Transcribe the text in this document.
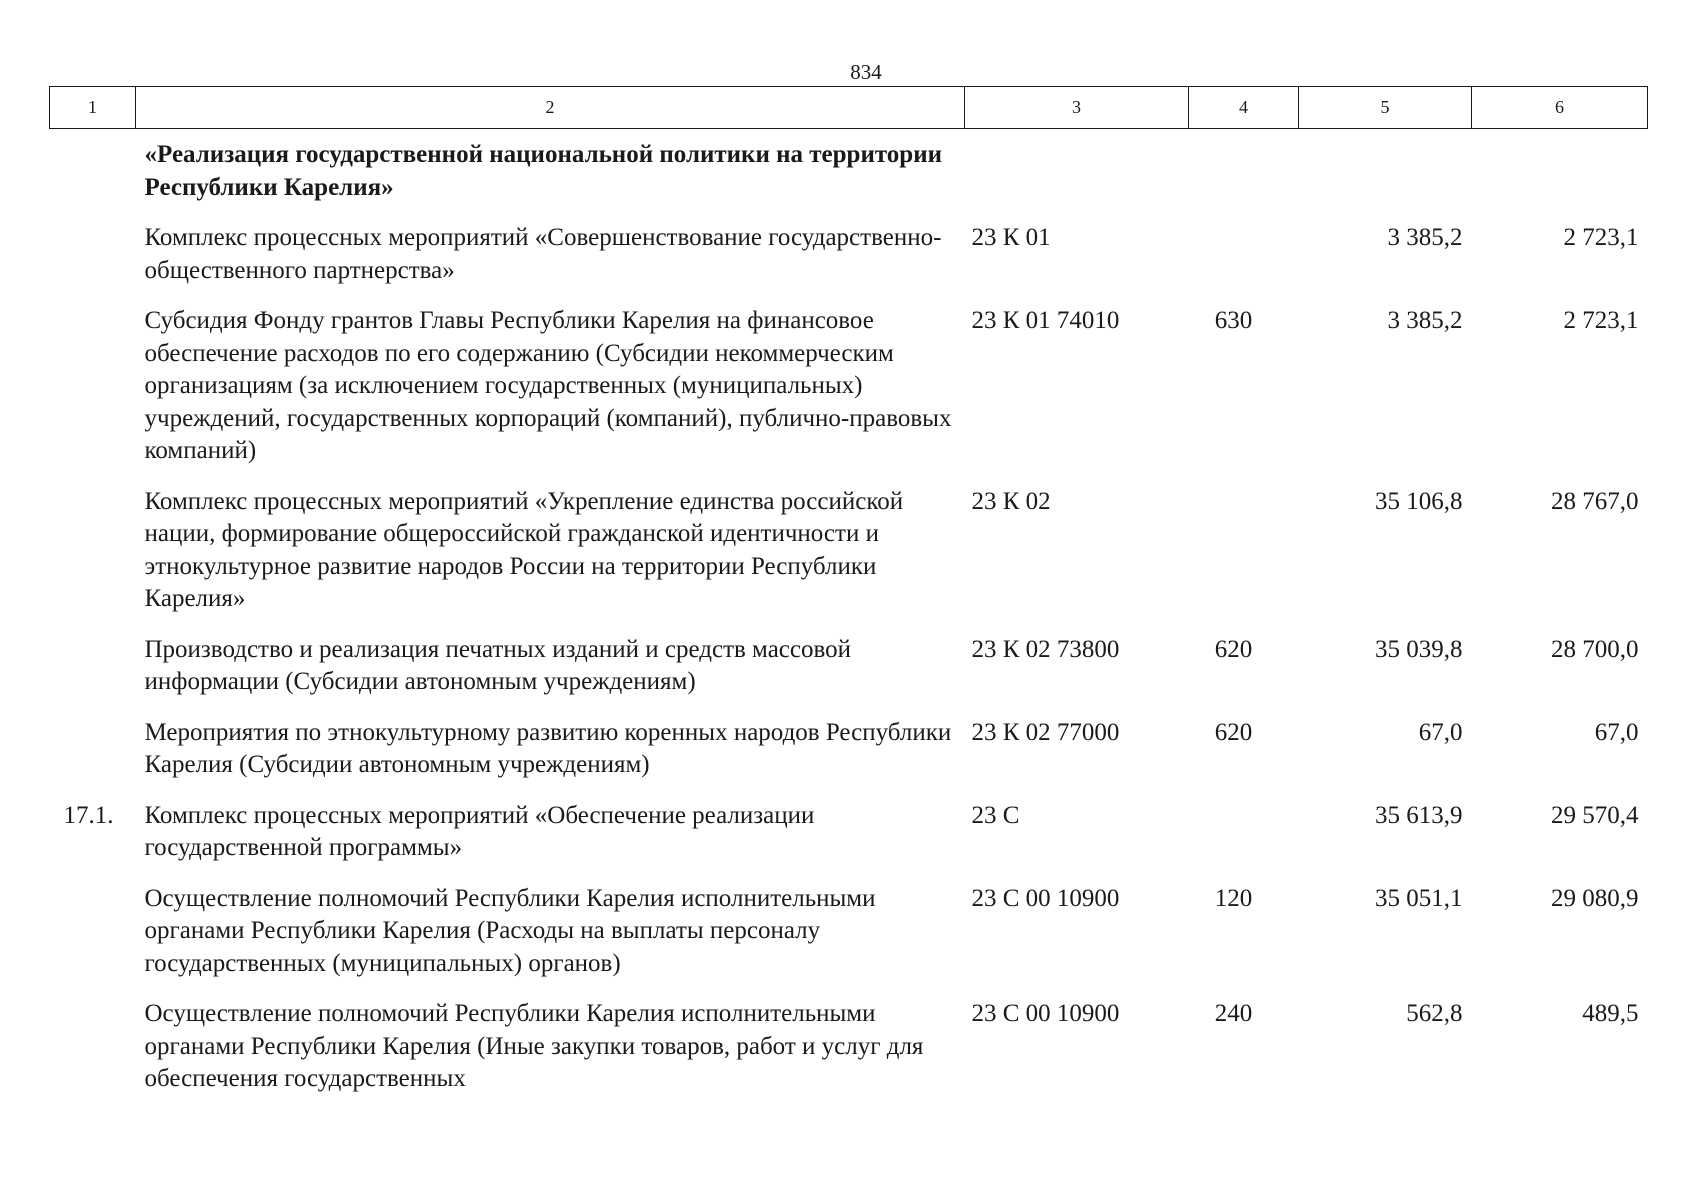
834
1	2	3	4	5	6
	«Реализация государственной национальной политики на территории Республики Карелия»				
	Комплекс процессных мероприятий «Совершенствование государственно-общественного партнерства»	23 К 01		3 385,2	2 723,1
	Субсидия Фонду грантов Главы Республики Карелия на финансовое обеспечение расходов по его содержанию (Субсидии некоммерческим организациям (за исключением государственных (муниципальных) учреждений, государственных корпораций (компаний), публично-правовых компаний)	23 К 01 74010	630	3 385,2	2 723,1
	Комплекс процессных мероприятий «Укрепление единства российской нации, формирование общероссийской гражданской идентичности и этнокультурное развитие народов России на территории Республики Карелия»	23 К 02		35 106,8	28 767,0
	Производство и реализация печатных изданий и средств массовой информации (Субсидии автономным учреждениям)	23 К 02 73800	620	35 039,8	28 700,0
	Мероприятия по этнокультурному развитию коренных народов Республики Карелия (Субсидии автономным учреждениям)	23 К 02 77000	620	67,0	67,0
17.1.	Комплекс процессных мероприятий «Обеспечение реализации государственной программы»	23 С		35 613,9	29 570,4
	Осуществление полномочий Республики Карелия исполнительными органами Республики Карелия (Расходы на выплаты персоналу государственных (муниципальных) органов)	23 С 00 10900	120	35 051,1	29 080,9
	Осуществление полномочий Республики Карелия исполнительными органами Республики Карелия (Иные закупки товаров, работ и услуг для обеспечения государственных	23 С 00 10900	240	562,8	489,5
